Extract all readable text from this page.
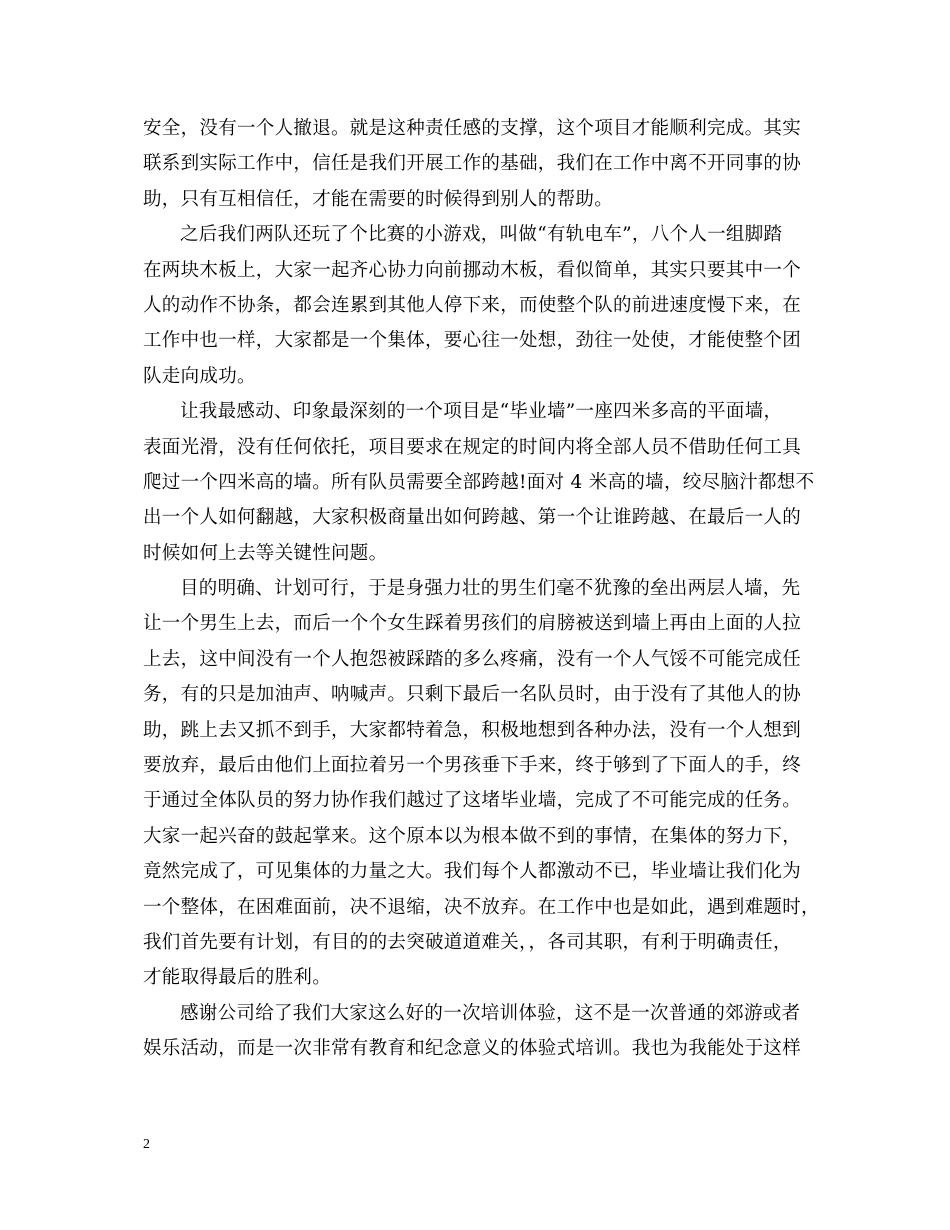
安全，没有一个人撤退。就是这种责任感的支撑，这个项目才能顺利完成。其实
联系到实际工作中，信任是我们开展工作的基础，我们在工作中离不开同事的协
助，只有互相信任，才能在需要的时候得到别人的帮助。

之后我们两队还玩了个比赛的小游戏，叫做“有轨电车”，八个人一组脚踏
在两块木板上，大家一起齐心协力向前挪动木板，看似简单，其实只要其中一个
人的动作不协条，都会连累到其他人停下来，而使整个队的前进速度慢下来，在
工作中也一样，大家都是一个集体，要心往一处想，劲往一处使，才能使整个团
队走向成功。

让我最感动、印象最深刻的一个项目是“毕业墙”一座四米多高的平面墙，
表面光滑，没有任何依托，项目要求在规定的时间内将全部人员不借助任何工具
爬过一个四米高的墙。所有队员需要全部跨越!面对 4 米高的墙，绞尽脑汁都想不
出一个人如何翻越，大家积极商量出如何跨越、第一个让谁跨越、在最后一人的
时候如何上去等关键性问题。

目的明确、计划可行，于是身强力壮的男生们毫不犹豫的垒出两层人墙，先
让一个男生上去，而后一个个女生踩着男孩们的肩膀被送到墙上再由上面的人拉
上去，这中间没有一个人抱怨被踩踏的多么疼痛，没有一个人气馁不可能完成任
务，有的只是加油声、呐喊声。只剩下最后一名队员时，由于没有了其他人的协
助，跳上去又抓不到手，大家都特着急，积极地想到各种办法，没有一个人想到
要放弃，最后由他们上面拉着另一个男孩垂下手来，终于够到了下面人的手，终
于通过全体队员的努力协作我们越过了这堵毕业墙，完成了不可能完成的任务。
大家一起兴奋的鼓起掌来。这个原本以为根本做不到的事情，在集体的努力下，
竟然完成了，可见集体的力量之大。我们每个人都激动不已，毕业墙让我们化为
一个整体，在困难面前，决不退缩，决不放弃。在工作中也是如此，遇到难题时，
我们首先要有计划，有目的的去突破道道难关，，各司其职，有利于明确责任，
才能取得最后的胜利。

感谢公司给了我们大家这么好的一次培训体验，这不是一次普通的郊游或者
娱乐活动，而是一次非常有教育和纪念意义的体验式培训。我也为我能处于这样

2
